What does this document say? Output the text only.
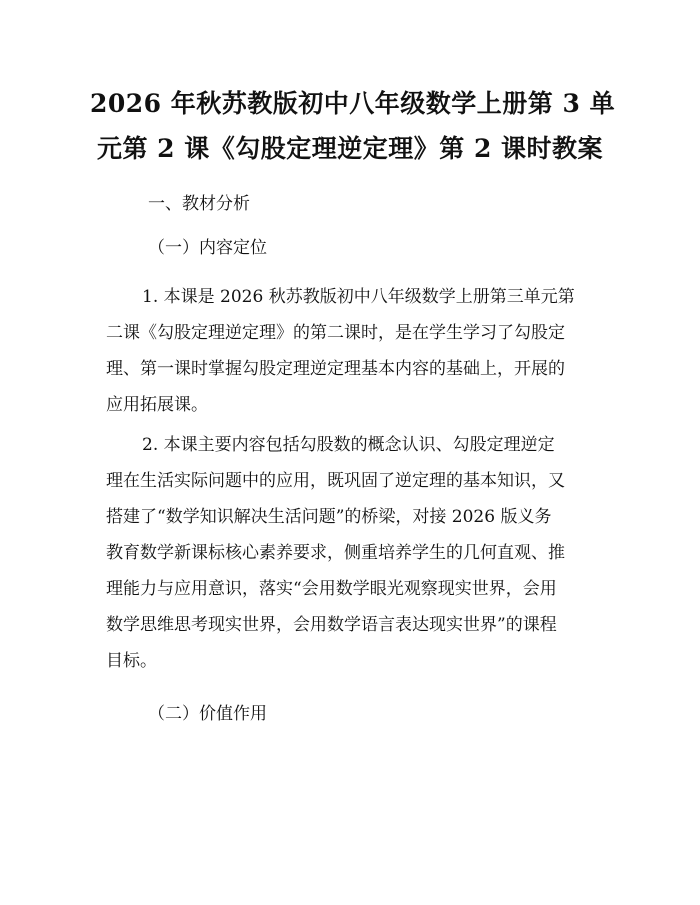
2026 年秋苏教版初中八年级数学上册第 3 单
元第 2 课《勾股定理逆定理》第 2 课时教案

一、教材分析

（一）内容定位

1. 本课是 2026 秋苏教版初中八年级数学上册第三单元第
二课《勾股定理逆定理》的第二课时，是在学生学习了勾股定
理、第一课时掌握勾股定理逆定理基本内容的基础上，开展的
应用拓展课。
2. 本课主要内容包括勾股数的概念认识、勾股定理逆定
理在生活实际问题中的应用，既巩固了逆定理的基本知识，又
搭建了“数学知识解决生活问题”的桥梁，对接 2026 版义务
教育数学新课标核心素养要求，侧重培养学生的几何直观、推
理能力与应用意识，落实“会用数学眼光观察现实世界，会用
数学思维思考现实世界，会用数学语言表达现实世界”的课程
目标。

（二）价值作用
